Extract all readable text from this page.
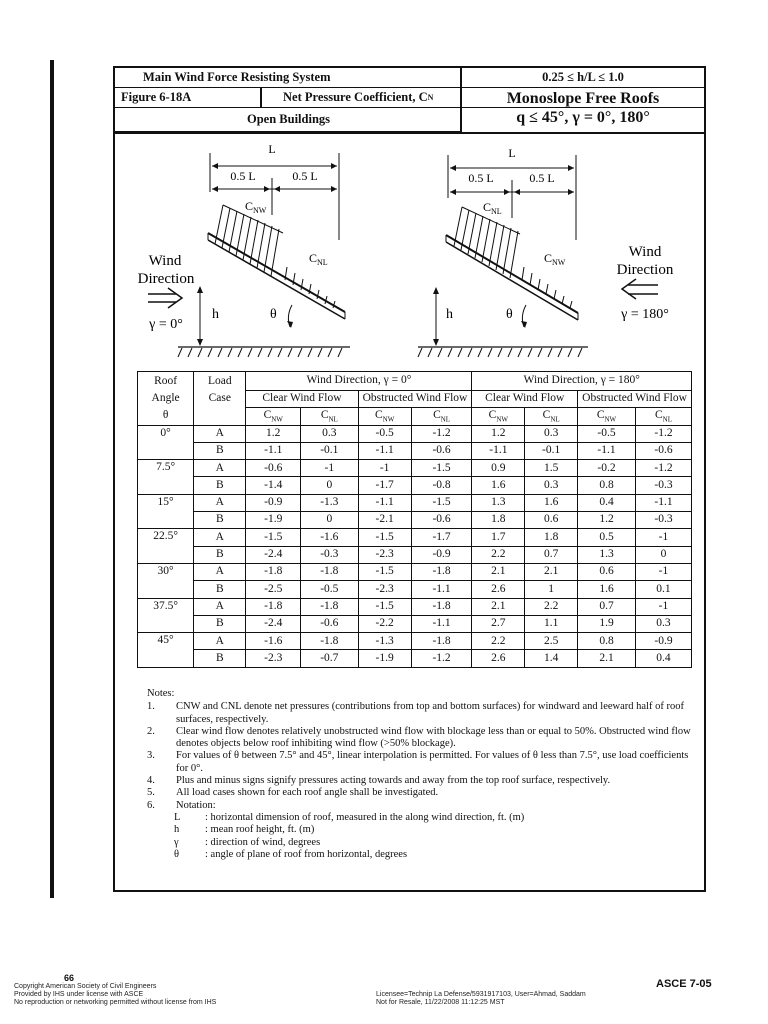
Main Wind Force Resisting System	0.25 ≤ h/L ≤ 1.0
Figure 6-18A	Net Pressure Coefficient, C N
Open Buildings
Monoslope Free Roofs
q ≤ 45°, γ = 0°, 180°
L
0.5 L	0.5 L
$C_{NW}$
$C_{NL}$
Wind
Direction
γ = 0°
h	θ
L
0.5 L	0.5 L
$C_{NL}$
$C_{NW}$
Wind
Direction
γ = 180°
h	θ
Roof	Load	Wind Direction, γ = 0°				Wind Direction, γ = 180°			
Angle	Case	Clear Wind Flow		Obstructed Wind Flow		Clear Wind Flow		Obstructed Wind Flow	
θ		$C_{NW}$	$C_{NL}$	$C_{NW}$	$C_{NL}$	$C_{NW}$	$C_{NL}$	$C_{NW}$	$C_{NL}$
0°	A	1.2	0.3	-0.5	-1.2	1.2	0.3	-0.5	-1.2
	B	-1.1	-0.1	-1.1	-0.6	-1.1	-0.1	-1.1	-0.6
7.5°	A	-0.6	-1	-1	-1.5	0.9	1.5	-0.2	-1.2
	B	-1.4	0	-1.7	-0.8	1.6	0.3	0.8	-0.3
15°	A	-0.9	-1.3	-1.1	-1.5	1.3	1.6	0.4	-1.1
	B	-1.9	0	-2.1	-0.6	1.8	0.6	1.2	-0.3
22.5°	A	-1.5	-1.6	-1.5	-1.7	1.7	1.8	0.5	-1
	B	-2.4	-0.3	-2.3	-0.9	2.2	0.7	1.3	0
30°	A	-1.8	-1.8	-1.5	-1.8	2.1	2.1	0.6	-1
	B	-2.5	-0.5	-2.3	-1.1	2.6	1	1.6	0.1
37.5°	A	-1.8	-1.8	-1.5	-1.8	2.1	2.2	0.7	-1
	B	-2.4	-0.6	-2.2	-1.1	2.7	1.1	1.9	0.3
45°	A	-1.6	-1.8	-1.3	-1.8	2.2	2.5	0.8	-0.9
	B	-2.3	-0.7	-1.9	-1.2	2.6	1.4	2.1	0.4
Notes:
1. CNW and CNL denote net pressures (contributions from top and bottom surfaces) for windward and leeward half of roof surfaces, respectively.
2. Clear wind flow denotes relatively unobstructed wind flow with blockage less than or equal to 50%. Obstructed wind flow denotes objects below roof inhibiting wind flow (>50% blockage).
3. For values of θ between 7.5° and 45°, linear interpolation is permitted. For values of θ less than 7.5°, use load coefficients for 0°.
4. Plus and minus signs signify pressures acting towards and away from the top roof surface, respectively.
5. All load cases shown for each roof angle shall be investigated.
6. Notation:
L : horizontal dimension of roof, measured in the along wind direction, ft. (m)
h : mean roof height, ft. (m)
γ	: direction of wind, degrees
θ : angle of plane of roof from horizontal, degrees
66
Copyright American Society of Civil Engineers
Provided by IHS under license with ASCE
No reproduction or networking permitted without license from IHS
Licensee=Technip La Defense/5931917103, User=Ahmad, Saddam
Not for Resale, 11/22/2008 11:12:25 MST
ASCE 7-05
